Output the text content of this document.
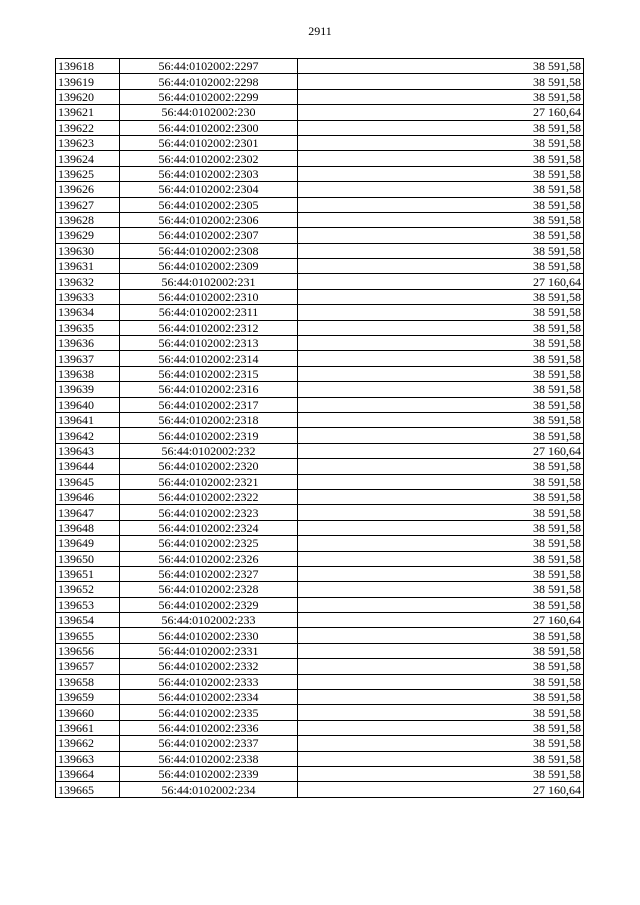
2911
139618	56:44:0102002:2297	38 591,58
139619	56:44:0102002:2298	38 591,58
139620	56:44:0102002:2299	38 591,58
139621	56:44:0102002:230	27 160,64
139622	56:44:0102002:2300	38 591,58
139623	56:44:0102002:2301	38 591,58
139624	56:44:0102002:2302	38 591,58
139625	56:44:0102002:2303	38 591,58
139626	56:44:0102002:2304	38 591,58
139627	56:44:0102002:2305	38 591,58
139628	56:44:0102002:2306	38 591,58
139629	56:44:0102002:2307	38 591,58
139630	56:44:0102002:2308	38 591,58
139631	56:44:0102002:2309	38 591,58
139632	56:44:0102002:231	27 160,64
139633	56:44:0102002:2310	38 591,58
139634	56:44:0102002:2311	38 591,58
139635	56:44:0102002:2312	38 591,58
139636	56:44:0102002:2313	38 591,58
139637	56:44:0102002:2314	38 591,58
139638	56:44:0102002:2315	38 591,58
139639	56:44:0102002:2316	38 591,58
139640	56:44:0102002:2317	38 591,58
139641	56:44:0102002:2318	38 591,58
139642	56:44:0102002:2319	38 591,58
139643	56:44:0102002:232	27 160,64
139644	56:44:0102002:2320	38 591,58
139645	56:44:0102002:2321	38 591,58
139646	56:44:0102002:2322	38 591,58
139647	56:44:0102002:2323	38 591,58
139648	56:44:0102002:2324	38 591,58
139649	56:44:0102002:2325	38 591,58
139650	56:44:0102002:2326	38 591,58
139651	56:44:0102002:2327	38 591,58
139652	56:44:0102002:2328	38 591,58
139653	56:44:0102002:2329	38 591,58
139654	56:44:0102002:233	27 160,64
139655	56:44:0102002:2330	38 591,58
139656	56:44:0102002:2331	38 591,58
139657	56:44:0102002:2332	38 591,58
139658	56:44:0102002:2333	38 591,58
139659	56:44:0102002:2334	38 591,58
139660	56:44:0102002:2335	38 591,58
139661	56:44:0102002:2336	38 591,58
139662	56:44:0102002:2337	38 591,58
139663	56:44:0102002:2338	38 591,58
139664	56:44:0102002:2339	38 591,58
139665	56:44:0102002:234	27 160,64
